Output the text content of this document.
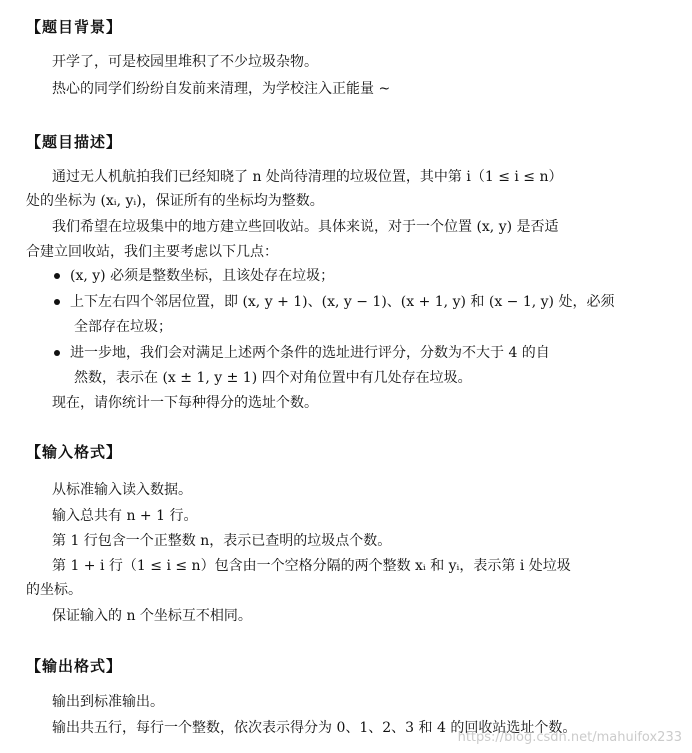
【题目背景】
开学了，可是校园里堆积了不少垃圾杂物。
热心的同学们纷纷自发前来清理，为学校注入正能量 ~
【题目描述】
通过无人机航拍我们已经知晓了 n 处尚待清理的垃圾位置，其中第 i（1 ≤ i ≤ n）
处的坐标为 (xᵢ, yᵢ)，保证所有的坐标均为整数。
我们希望在垃圾集中的地方建立些回收站。具体来说，对于一个位置 (x, y) 是否适
合建立回收站，我们主要考虑以下几点：
(x, y) 必须是整数坐标，且该处存在垃圾；
上下左右四个邻居位置，即 (x, y + 1)、(x, y − 1)、(x + 1, y) 和 (x − 1, y) 处，必须
全部存在垃圾；
进一步地，我们会对满足上述两个条件的选址进行评分，分数为不大于 4 的自
然数，表示在 (x ± 1, y ± 1) 四个对角位置中有几处存在垃圾。
现在，请你统计一下每种得分的选址个数。
【输入格式】
从标准输入读入数据。
输入总共有 n + 1 行。
第 1 行包含一个正整数 n，表示已查明的垃圾点个数。
第 1 + i 行（1 ≤ i ≤ n）包含由一个空格分隔的两个整数 xᵢ 和 yᵢ，表示第 i 处垃圾
的坐标。
保证输入的 n 个坐标互不相同。
【输出格式】
输出到标准输出。
输出共五行，每行一个整数，依次表示得分为 0、1、2、3 和 4 的回收站选址个数。
https://blog.csdn.net/mahuifox233
